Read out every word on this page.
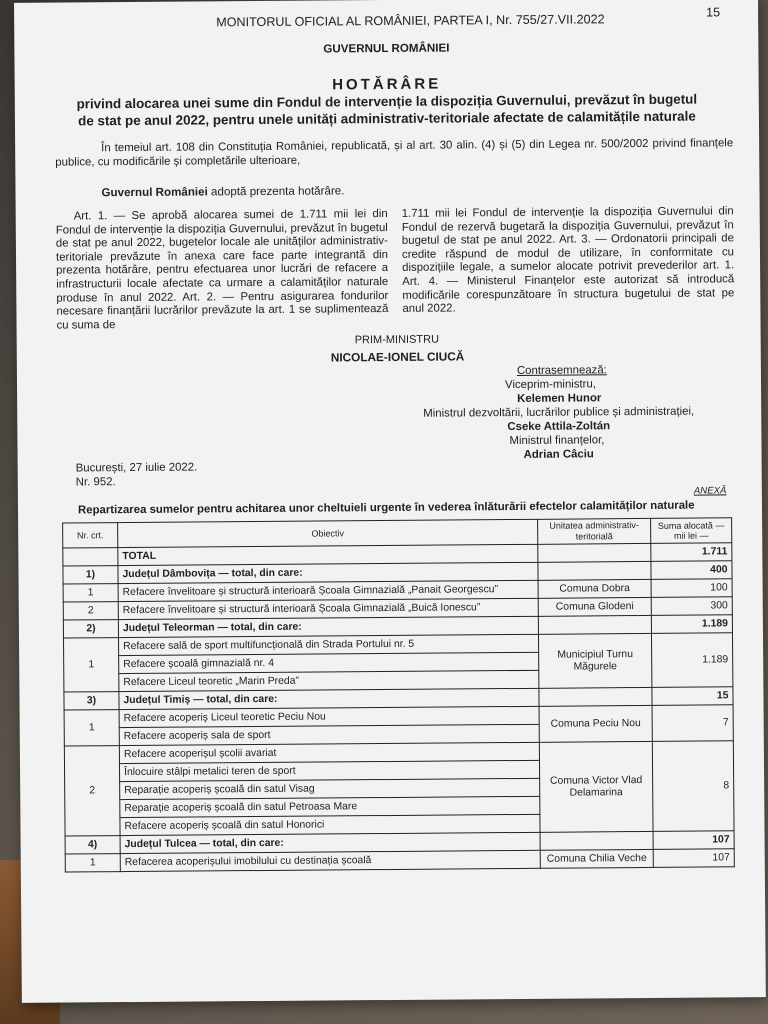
MONITORUL OFICIAL AL ROMÂNIEI, PARTEA I, Nr. 755/27.VII.2022	15

GUVERNUL ROMÂNIEI

HOTĂRÂRE

privind alocarea unei sume din Fondul de intervenție la dispoziția Guvernului, prevăzut în bugetul

de stat pe anul 2022, pentru unele unități administrativ-teritoriale afectate de calamitățile naturale

În temeiul art. 108 din Constituția României, republicată, și al art. 30 alin. (4) și (5) din Legea nr. 500/2002 privind finanțele publice, cu modificările și completările ulterioare,

Guvernul României adoptă prezenta hotărâre.

Art. 1. — Se aprobă alocarea sumei de 1.711 mii lei din Fondul de intervenție la dispoziția Guvernului, prevăzut în bugetul de stat pe anul 2022, bugetelor locale ale unităților administrativ-teritoriale prevăzute în anexa care face parte integrantă din prezenta hotărâre, pentru efectuarea unor lucrări de refacere a infrastructurii locale afectate ca urmare a calamităților naturale produse în anul 2022. Art. 2. — Pentru asigurarea fondurilor necesare finanțării lucrărilor prevăzute la art. 1 se suplimentează cu suma de

1.711 mii lei Fondul de intervenție la dispoziția Guvernului din Fondul de rezervă bugetară la dispoziția Guvernului, prevăzut în bugetul de stat pe anul 2022. Art. 3. — Ordonatorii principali de credite răspund de modul de utilizare, în conformitate cu dispozițiile legale, a sumelor alocate potrivit prevederilor art. 1. Art. 4. — Ministerul Finanțelor este autorizat să introducă modificările corespunzătoare în structura bugetului de stat pe anul 2022.

PRIM-MINISTRU

NICOLAE-IONEL CIUCĂ

Contrasemnează:

Viceprim-ministru,

Kelemen Hunor

Ministrul dezvoltării, lucrărilor publice și administrației,

Cseke Attila-Zoltán

Ministrul finanțelor,

Adrian Câciu

București, 27 iulie 2022.

Nr. 952.

ANEXĂ

Repartizarea sumelor pentru achitarea unor cheltuieli urgente în vederea înlăturării efectelor calamităților naturale

Nr. crt.	Obiectiv	Unitatea administrativ-teritorială	Suma alocată — mii lei —
	TOTAL		1.711
1)	Județul Dâmbovița — total, din care:		400
1	Refacere învelitoare și structură interioară Școala Gimnazială „Panait Georgescu”	Comuna Dobra	100
2	Refacere învelitoare și structură interioară Școala Gimnazială „Buică Ionescu”	Comuna Glodeni	300
2)	Județul Teleorman — total, din care:		1.189
1	Refacere sală de sport multifuncțională din Strada Portului nr. 5	Municipiul Turnu Măgurele	1.189
	Refacere școală gimnazială nr. 4		
	Refacere Liceul teoretic „Marin Preda”		
3)	Județul Timiș — total, din care:		15
1	Refacere acoperiș Liceul teoretic Peciu Nou	Comuna Peciu Nou	7
	Refacere acoperiș sala de sport		
2	Refacere acoperișul școlii avariat	Comuna Victor Vlad Delamarina	8
	Înlocuire stâlpi metalici teren de sport		
	Reparație acoperiș școală din satul Visag		
	Reparație acoperiș școală din satul Petroasa Mare		
	Refacere acoperiș școală din satul Honorici		
4)	Județul Tulcea — total, din care:		107
1	Refacerea acoperișului imobilului cu destinația școală	Comuna Chilia Veche	107
